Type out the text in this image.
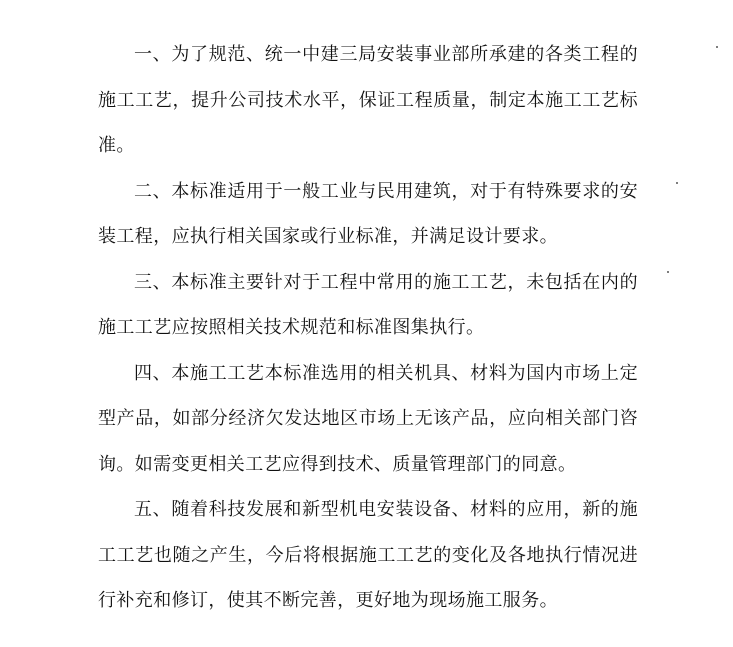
一、为了规范、统一中建三局安装事业部所承建的各类工程的施工工艺，提升公司技术水平，保证工程质量，制定本施工工艺标准。

二、本标准适用于一般工业与民用建筑，对于有特殊要求的安装工程，应执行相关国家或行业标准，并满足设计要求。

三、本标准主要针对于工程中常用的施工工艺，未包括在内的施工工艺应按照相关技术规范和标准图集执行。

四、本施工工艺本标准选用的相关机具、材料为国内市场上定型产品，如部分经济欠发达地区市场上无该产品，应向相关部门咨询。如需变更相关工艺应得到技术、质量管理部门的同意。

五、随着科技发展和新型机电安装设备、材料的应用，新的施工工艺也随之产生，今后将根据施工工艺的变化及各地执行情况进行补充和修订，使其不断完善，更好地为现场施工服务。
